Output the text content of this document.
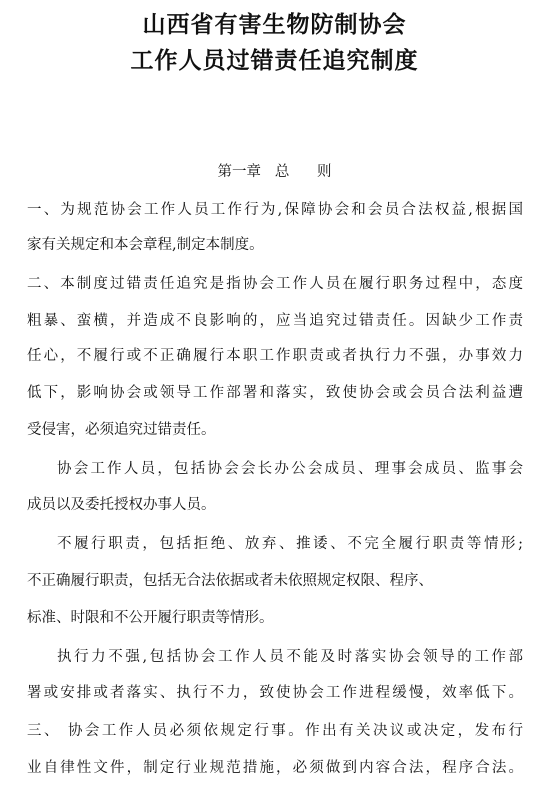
山西省有害生物防制协会
工作人员过错责任追究制度
第一章   总      则
一、为规范协会工作人员工作行为,保障协会和会员合法权益,根据国
家有关规定和本会章程,制定本制度。
二、本制度过错责任追究是指协会工作人员在履行职务过程中，态度
粗暴、蛮横，并造成不良影响的，应当追究过错责任。因缺少工作责
任心，不履行或不正确履行本职工作职责或者执行力不强，办事效力
低下，影响协会或领导工作部署和落实，致使协会或会员合法利益遭
受侵害，必须追究过错责任。
协会工作人员，包括协会会长办公会成员、理事会成员、监事会
成员以及委托授权办事人员。
不履行职责，包括拒绝、放弃、推诿、不完全履行职责等情形;
不正确履行职责，包括无合法依据或者未依照规定权限、程序、
标准、时限和不公开履行职责等情形。
执行力不强,包括协会工作人员不能及时落实协会领导的工作部
署或安排或者落实、执行不力，致使协会工作进程缓慢，效率低下。
三、 协会工作人员必须依规定行事。作出有关决议或决定，发布行
业自律性文件，制定行业规范措施，必须做到内容合法，程序合法。
